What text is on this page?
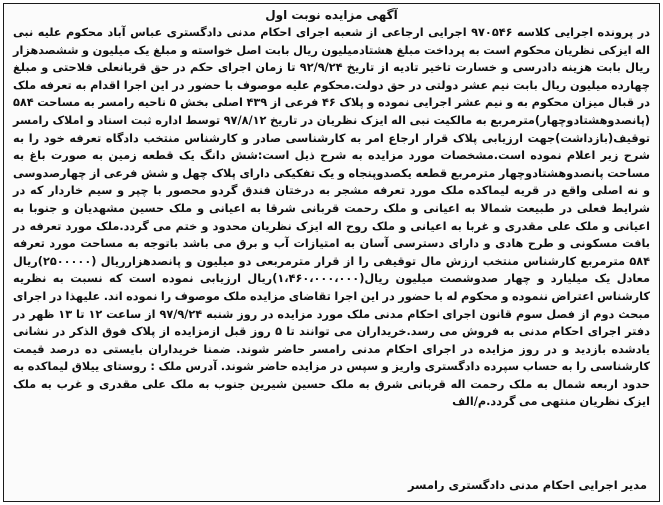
آگهی مزایده نوبت اول

در پرونده اجرایی کلاسه ۹۷۰۵۴۶ اجرایی ارجاعی از شعبه اجرای احکام مدنی دادگستری عباس آباد محکوم علیه نبی اله ایزکی نظریان محکوم است به پرداخت مبلغ هشتادمیلیون ریال بابت اصل خواسته و مبلغ یک میلیون و ششصدهزار ریال بابت هزینه دادرسی و خسارت تاخیر تادیه از تاریخ ۹۲/۹/۲۴ تا زمان اجرای حکم در حق قربانعلی فلاحتی و مبلغ چهارده میلیون ریال بابت نیم عشر دولتی در حق دولت.محکوم علیه موصوف با حضور در این اجرا اقدام به تعرفه ملک در قبال میزان محکوم به و نیم عشر اجرایی نموده و پلاک ۴۶ فرعی از ۴۳۹ اصلی بخش ۵ ناحیه رامسر به مساحت ۵۸۴ (پانصدوهشتادوچهار)مترمربع به مالکیت نبی اله ایزک نظریان در تاریخ ۹۷/۸/۱۲ توسط اداره ثبت اسناد و املاک رامسر توقیف(بازداشت)جهت ارزیابی پلاک قرار ارجاع امر به کارشناسی صادر و کارشناس منتخب دادگاه تعرفه خود را به شرح زیر اعلام نموده است.مشخصات مورد مزایده به شرح ذیل است:شش دانگ یک قطعه زمین به صورت باغ به مساحت پانصدوهشتادوچهار مترمربع قطعه یکصدوپنجاه و یک تفکیکی دارای پلاک چهل و شش فرعی از چهارصدوسی و نه اصلی واقع در قریه لیماکده ملک مورد تعرفه مشجر به درختان فندق گردو محصور با چپر و سیم خاردار که در شرایط فعلی در طبیعت شمالا به اعیانی و ملک رحمت قربانی شرقا به اعیانی و ملک حسین مشهدیان و جنوبا به اعیانی و ملک علی مقدری و غربا به اعیانی و ملک روح اله ایزک نظریان محدود و ختم می گردد.ملک مورد تعرفه در بافت مسکونی و طرح هادی و دارای دسترسی آسان به امتیازات آب و برق می باشد باتوجه به مساحت مورد تعرفه ۵۸۴ مترمربع کارشناس منتخب ارزش مال توقیفی را از قرار مترمربعی دو میلیون و پانصدهزارریال (۲۵۰۰۰۰۰)ریال معادل یک میلیارد و چهار صدوشصت میلیون ریال(۱،۴۶۰،۰۰۰،۰۰۰)ریال ارزیابی نموده است که نسبت به نظریه کارشناس اعتراض ننموده و محکوم له با حضور در این اجرا تقاضای مزایده ملک موصوف را نموده اند. علیهذا در اجرای مبحث دوم از فصل سوم قانون اجرای احکام مدنی ملک مورد مزایده در روز شنبه ۹۷/۹/۲۴ از ساعت ۱۲ تا ۱۳ ظهر در دفتر اجرای احکام مدنی به فروش می رسد.خریداران می توانند تا ۵ روز قبل ازمزایده از پلاک فوق الذکر در نشانی یادشده بازدید و در روز مزایده در اجرای احکام مدنی رامسر حاضر شوند. ضمنا خریداران بایستی ده درصد قیمت کارشناسی را به حساب سپرده دادگستری واریز و سپس در مزایده حاضر شوند. آدرس ملک : روستای ییلاق لیماکده به حدود اربعه شمال به ملک رحمت اله قربانی شرق به ملک حسین شیرین جنوب به ملک علی مقدری و غرب به ملک ایزک نظریان منتهی می گردد.م/الف

مدیر اجرایی احکام مدنی دادگستری رامسر
